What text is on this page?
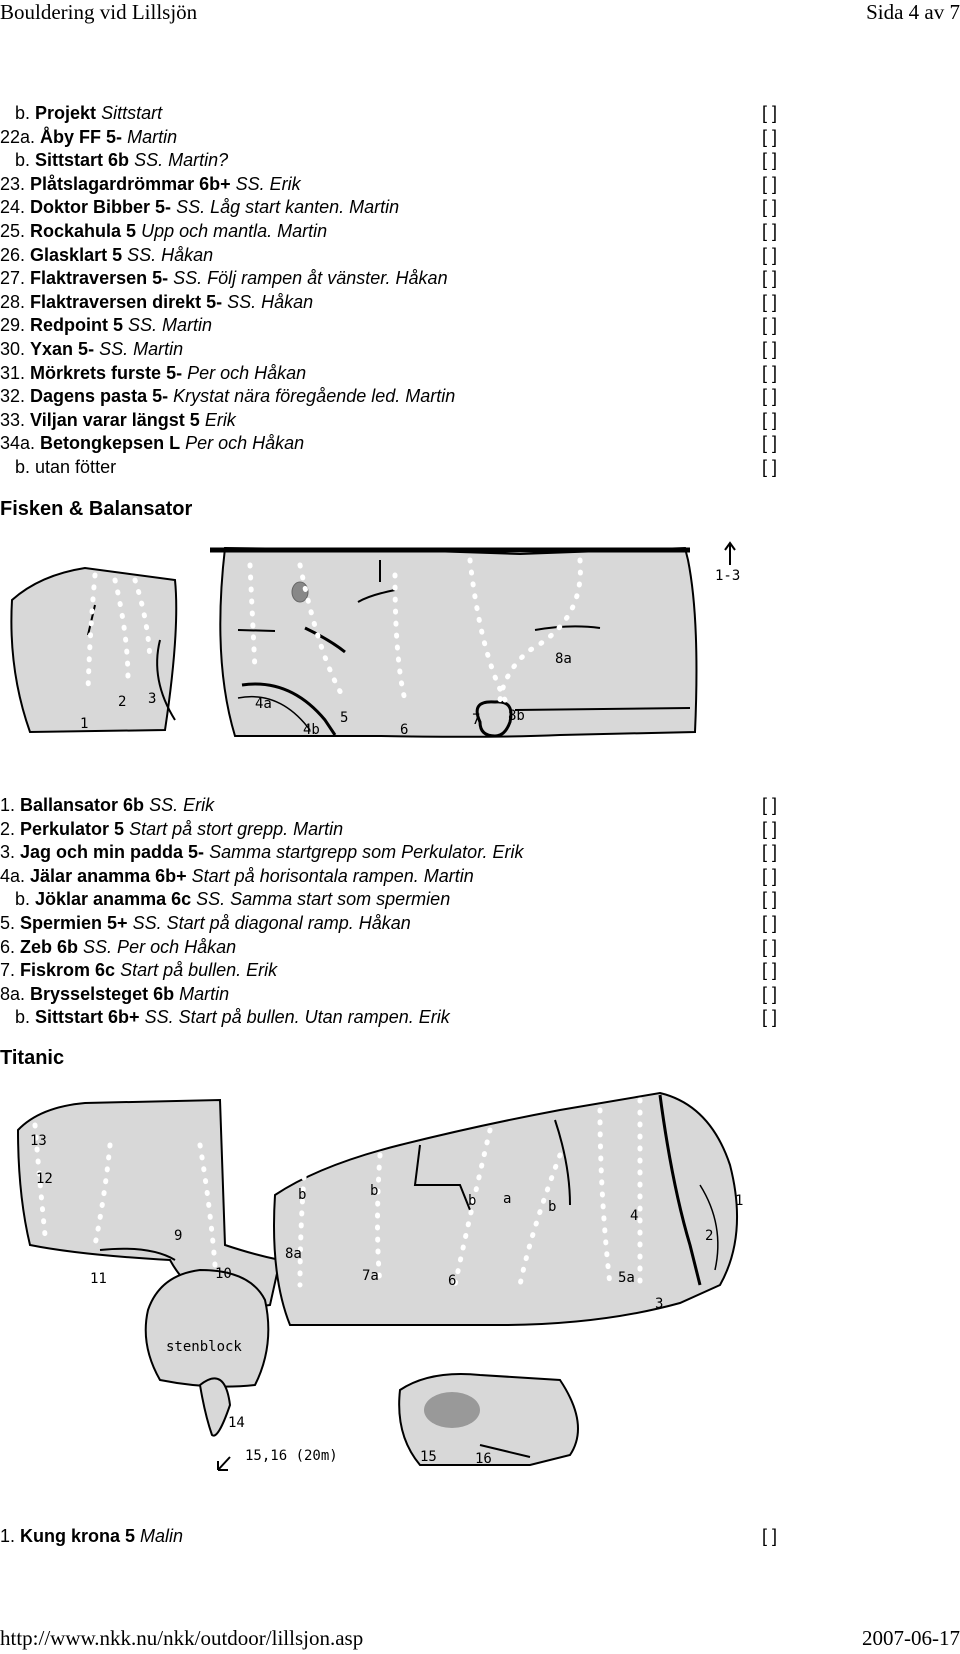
Bouldering vid Lillsjön	Sida 4 av 7
b. Projekt Sittstart	[ ]
22a. Åby FF 5- Martin	[ ]
b. Sittstart 6b SS. Martin?	[ ]
23. Plåtslagardrömmar 6b+ SS. Erik	[ ]
24. Doktor Bibber 5- SS. Låg start kanten. Martin	[ ]
25. Rockahula 5 Upp och mantla. Martin	[ ]
26. Glasklart 5 SS. Håkan	[ ]
27. Flaktraversen 5- SS. Följ rampen åt vänster. Håkan	[ ]
28. Flaktraversen direkt 5- SS. Håkan	[ ]
29. Redpoint 5 SS. Martin	[ ]
30. Yxan 5- SS. Martin	[ ]
31. Mörkrets furste 5- Per och Håkan	[ ]
32. Dagens pasta 5- Krystat nära föregående led. Martin	[ ]
33. Viljan varar längst 5 Erik	[ ]
34a. Betongkepsen L Per och Håkan	[ ]
b. utan fötter	[ ]
Fisken & Balansator
1-3
8a
4a
5
4b	6
7 8b
1
2 3
1. Ballansator 6b SS. Erik	[ ]
2. Perkulator 5 Start på stort grepp. Martin	[ ]
3. Jag och min padda 5- Samma startgrepp som Perkulator. Erik	[ ]
4a. Jälar anamma 6b+ Start på horisontala rampen. Martin	[ ]
b. Jöklar anamma 6c SS. Samma start som spermien	[ ]
5. Spermien 5+ SS. Start på diagonal ramp. Håkan	[ ]
6. Zeb 6b SS. Per och Håkan	[ ]
7. Fiskrom 6c Start på bullen. Erik	[ ]
8a. Brysselsteget 6b Martin	[ ]
b. Sittstart 6b+ SS. Start på bullen. Utan rampen. Erik	[ ]
Titanic
13
12
9
11	10
stenblock
8a
7a	6	5a
3
4
2
1
b	b
b a	b
14
15	16
15,16 (20m)
1. Kung krona 5 Malin	[ ]
http://www.nkk.nu/nkk/outdoor/lillsjon.asp	2007-06-17
